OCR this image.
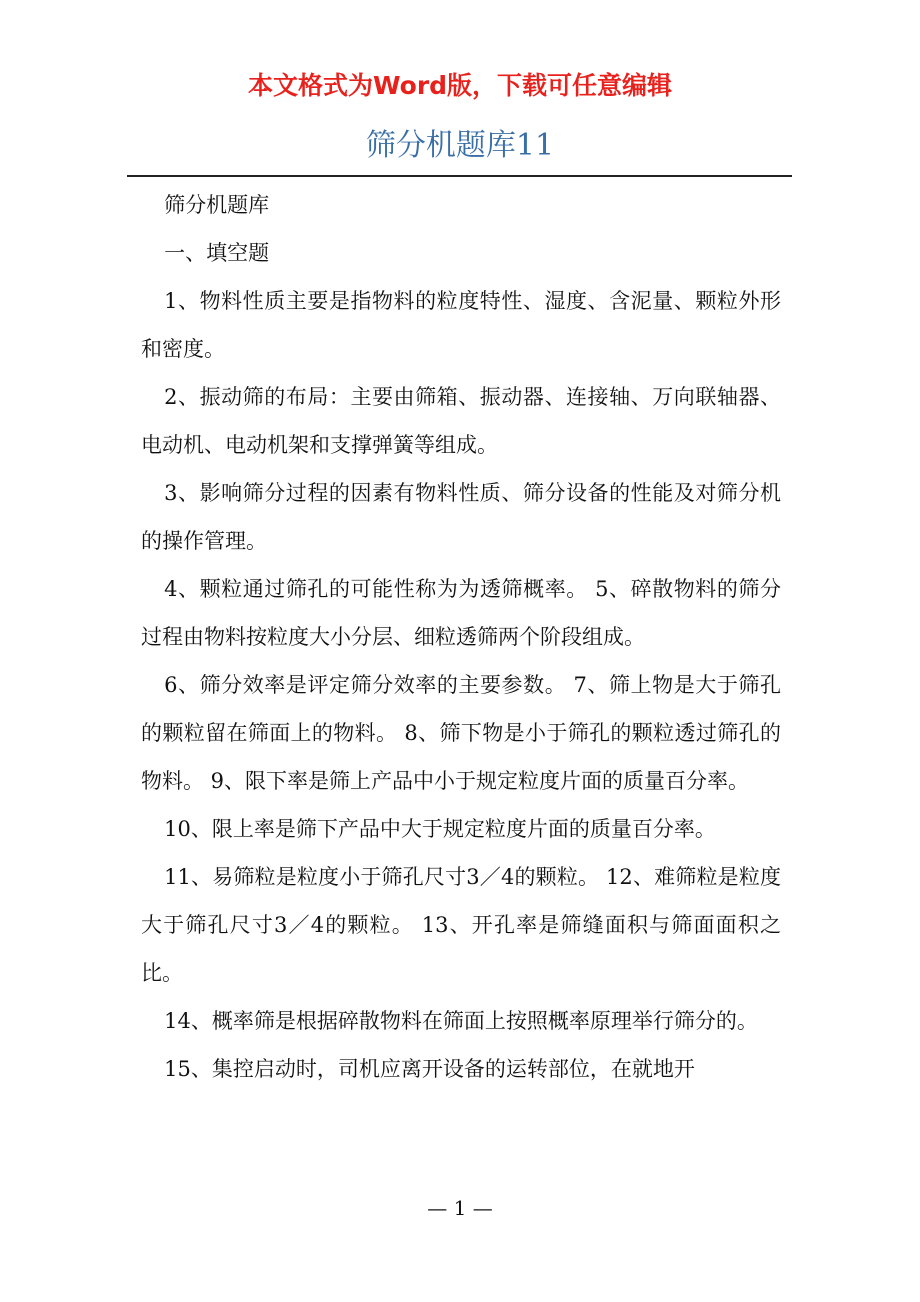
本文格式为Word版，下载可任意编辑
筛分机题库11

筛分机题库

一、填空题

1、物料性质主要是指物料的粒度特性、湿度、含泥量、颗粒外形和密度。

2、振动筛的布局：主要由筛箱、振动器、连接轴、万向联轴器、电动机、电动机架和支撑弹簧等组成。

3、影响筛分过程的因素有物料性质、筛分设备的性能及对筛分机的操作管理。

4、颗粒通过筛孔的可能性称为为透筛概率。 5、碎散物料的筛分过程由物料按粒度大小分层、细粒透筛两个阶段组成。

6、筛分效率是评定筛分效率的主要参数。 7、筛上物是大于筛孔的颗粒留在筛面上的物料。 8、筛下物是小于筛孔的颗粒透过筛孔的物料。 9、限下率是筛上产品中小于规定粒度片面的质量百分率。

10、限上率是筛下产品中大于规定粒度片面的质量百分率。

11、易筛粒是粒度小于筛孔尺寸3／4的颗粒。 12、难筛粒是粒度大于筛孔尺寸3／4的颗粒。 13、开孔率是筛缝面积与筛面面积之比。

14、概率筛是根据碎散物料在筛面上按照概率原理举行筛分的。

15、集控启动时，司机应离开设备的运转部位，在就地开

— 1 —
